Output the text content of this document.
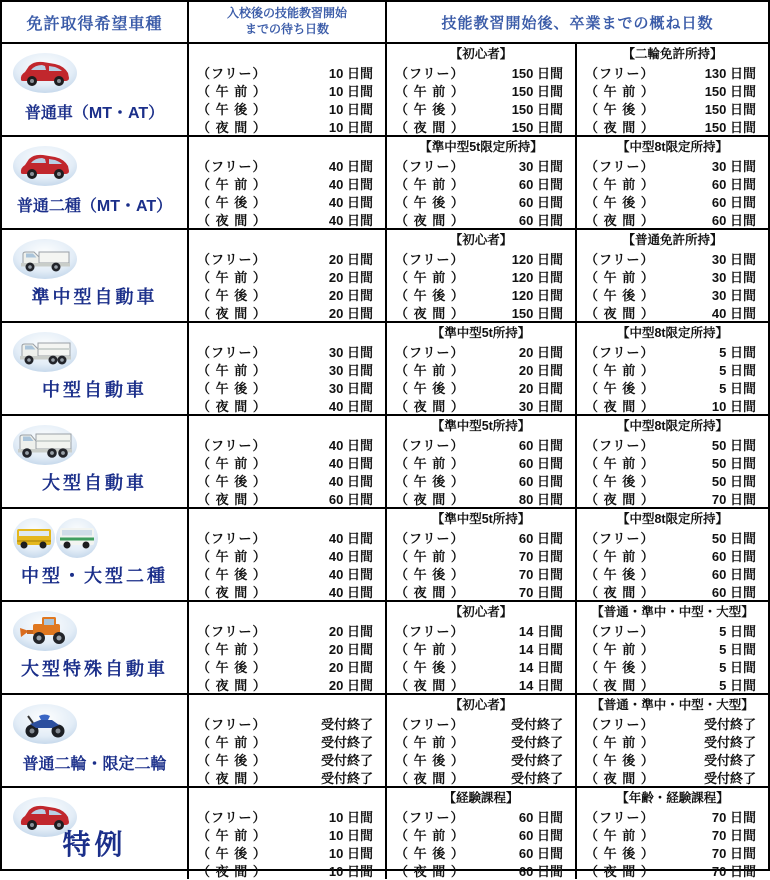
免許取得希望車種
入校後の技能教習開始
までの待ち日数	技能教習開始後、卒業までの概ね日数
普通車（MT・AT）

（フリー）	10 日間
（ 午 前 ）	10 日間
（ 午 後 ）	10 日間
（ 夜 間 ）	10 日間
【初心者】
（フリー）	150 日間
（ 午 前 ）	150 日間
（ 午 後 ）	150 日間
（ 夜 間 ）	150 日間
【二輪免許所持】
（フリー）	130 日間
（ 午 前 ）	150 日間
（ 午 後 ）	150 日間
（ 夜 間 ）	150 日間
普通二種（MT・AT）

（フリー）	40 日間
（ 午 前 ）	40 日間
（ 午 後 ）	40 日間
（ 夜 間 ）	40 日間
【準中型5t限定所持】
（フリー）	30 日間
（ 午 前 ）	60 日間
（ 午 後 ）	60 日間
（ 夜 間 ）	60 日間
【中型8t限定所持】
（フリー）	30 日間
（ 午 前 ）	60 日間
（ 午 後 ）	60 日間
（ 夜 間 ）	60 日間
準中型自動車

（フリー）	20 日間
（ 午 前 ）	20 日間
（ 午 後 ）	20 日間
（ 夜 間 ）	20 日間
【初心者】
（フリー）	120 日間
（ 午 前 ）	120 日間
（ 午 後 ）	120 日間
（ 夜 間 ）	150 日間
【普通免許所持】
（フリー）	30 日間
（ 午 前 ）	30 日間
（ 午 後 ）	30 日間
（ 夜 間 ）	40 日間
中型自動車

（フリー）	30 日間
（ 午 前 ）	30 日間
（ 午 後 ）	30 日間
（ 夜 間 ）	40 日間
【準中型5t所持】
（フリー）	20 日間
（ 午 前 ）	20 日間
（ 午 後 ）	20 日間
（ 夜 間 ）	30 日間
【中型8t限定所持】
（フリー）	5 日間
（ 午 前 ）	5 日間
（ 午 後 ）	5 日間
（ 夜 間 ）	10 日間
大型自動車

（フリー）	40 日間
（ 午 前 ）	40 日間
（ 午 後 ）	40 日間
（ 夜 間 ）	60 日間
【準中型5t所持】
（フリー）	60 日間
（ 午 前 ）	60 日間
（ 午 後 ）	60 日間
（ 夜 間 ）	80 日間
【中型8t限定所持】
（フリー）	50 日間
（ 午 前 ）	50 日間
（ 午 後 ）	50 日間
（ 夜 間 ）	70 日間
中型・大型二種

（フリー）	40 日間
（ 午 前 ）	40 日間
（ 午 後 ）	40 日間
（ 夜 間 ）	40 日間
【準中型5t所持】
（フリー）	60 日間
（ 午 前 ）	70 日間
（ 午 後 ）	70 日間
（ 夜 間 ）	70 日間
【中型8t限定所持】
（フリー）	50 日間
（ 午 前 ）	60 日間
（ 午 後 ）	60 日間
（ 夜 間 ）	60 日間
大型特殊自動車

（フリー）	20 日間
（ 午 前 ）	20 日間
（ 午 後 ）	20 日間
（ 夜 間 ）	20 日間
【初心者】
（フリー）	14 日間
（ 午 前 ）	14 日間
（ 午 後 ）	14 日間
（ 夜 間 ）	14 日間
【普通・準中・中型・大型】
（フリー）	5 日間
（ 午 前 ）	5 日間
（ 午 後 ）	5 日間
（ 夜 間 ）	5 日間
普通二輪・限定二輪

（フリー）	受付終了
（ 午 前 ）	受付終了
（ 午 後 ）	受付終了
（ 夜 間 ）	受付終了
【初心者】
（フリー）	受付終了
（ 午 前 ）	受付終了
（ 午 後 ）	受付終了
（ 夜 間 ）	受付終了
【普通・準中・中型・大型】
（フリー）	受付終了
（ 午 前 ）	受付終了
（ 午 後 ）	受付終了
（ 夜 間 ）	受付終了
特例

（フリー）	10 日間
（ 午 前 ）	10 日間
（ 午 後 ）	10 日間
（ 夜 間 ）	10 日間
【経験課程】
（フリー）	60 日間
（ 午 前 ）	60 日間
（ 午 後 ）	60 日間
（ 夜 間 ）	60 日間
【年齢・経験課程】
（フリー）	70 日間
（ 午 前 ）	70 日間
（ 午 後 ）	70 日間
（ 夜 間 ）	70 日間
